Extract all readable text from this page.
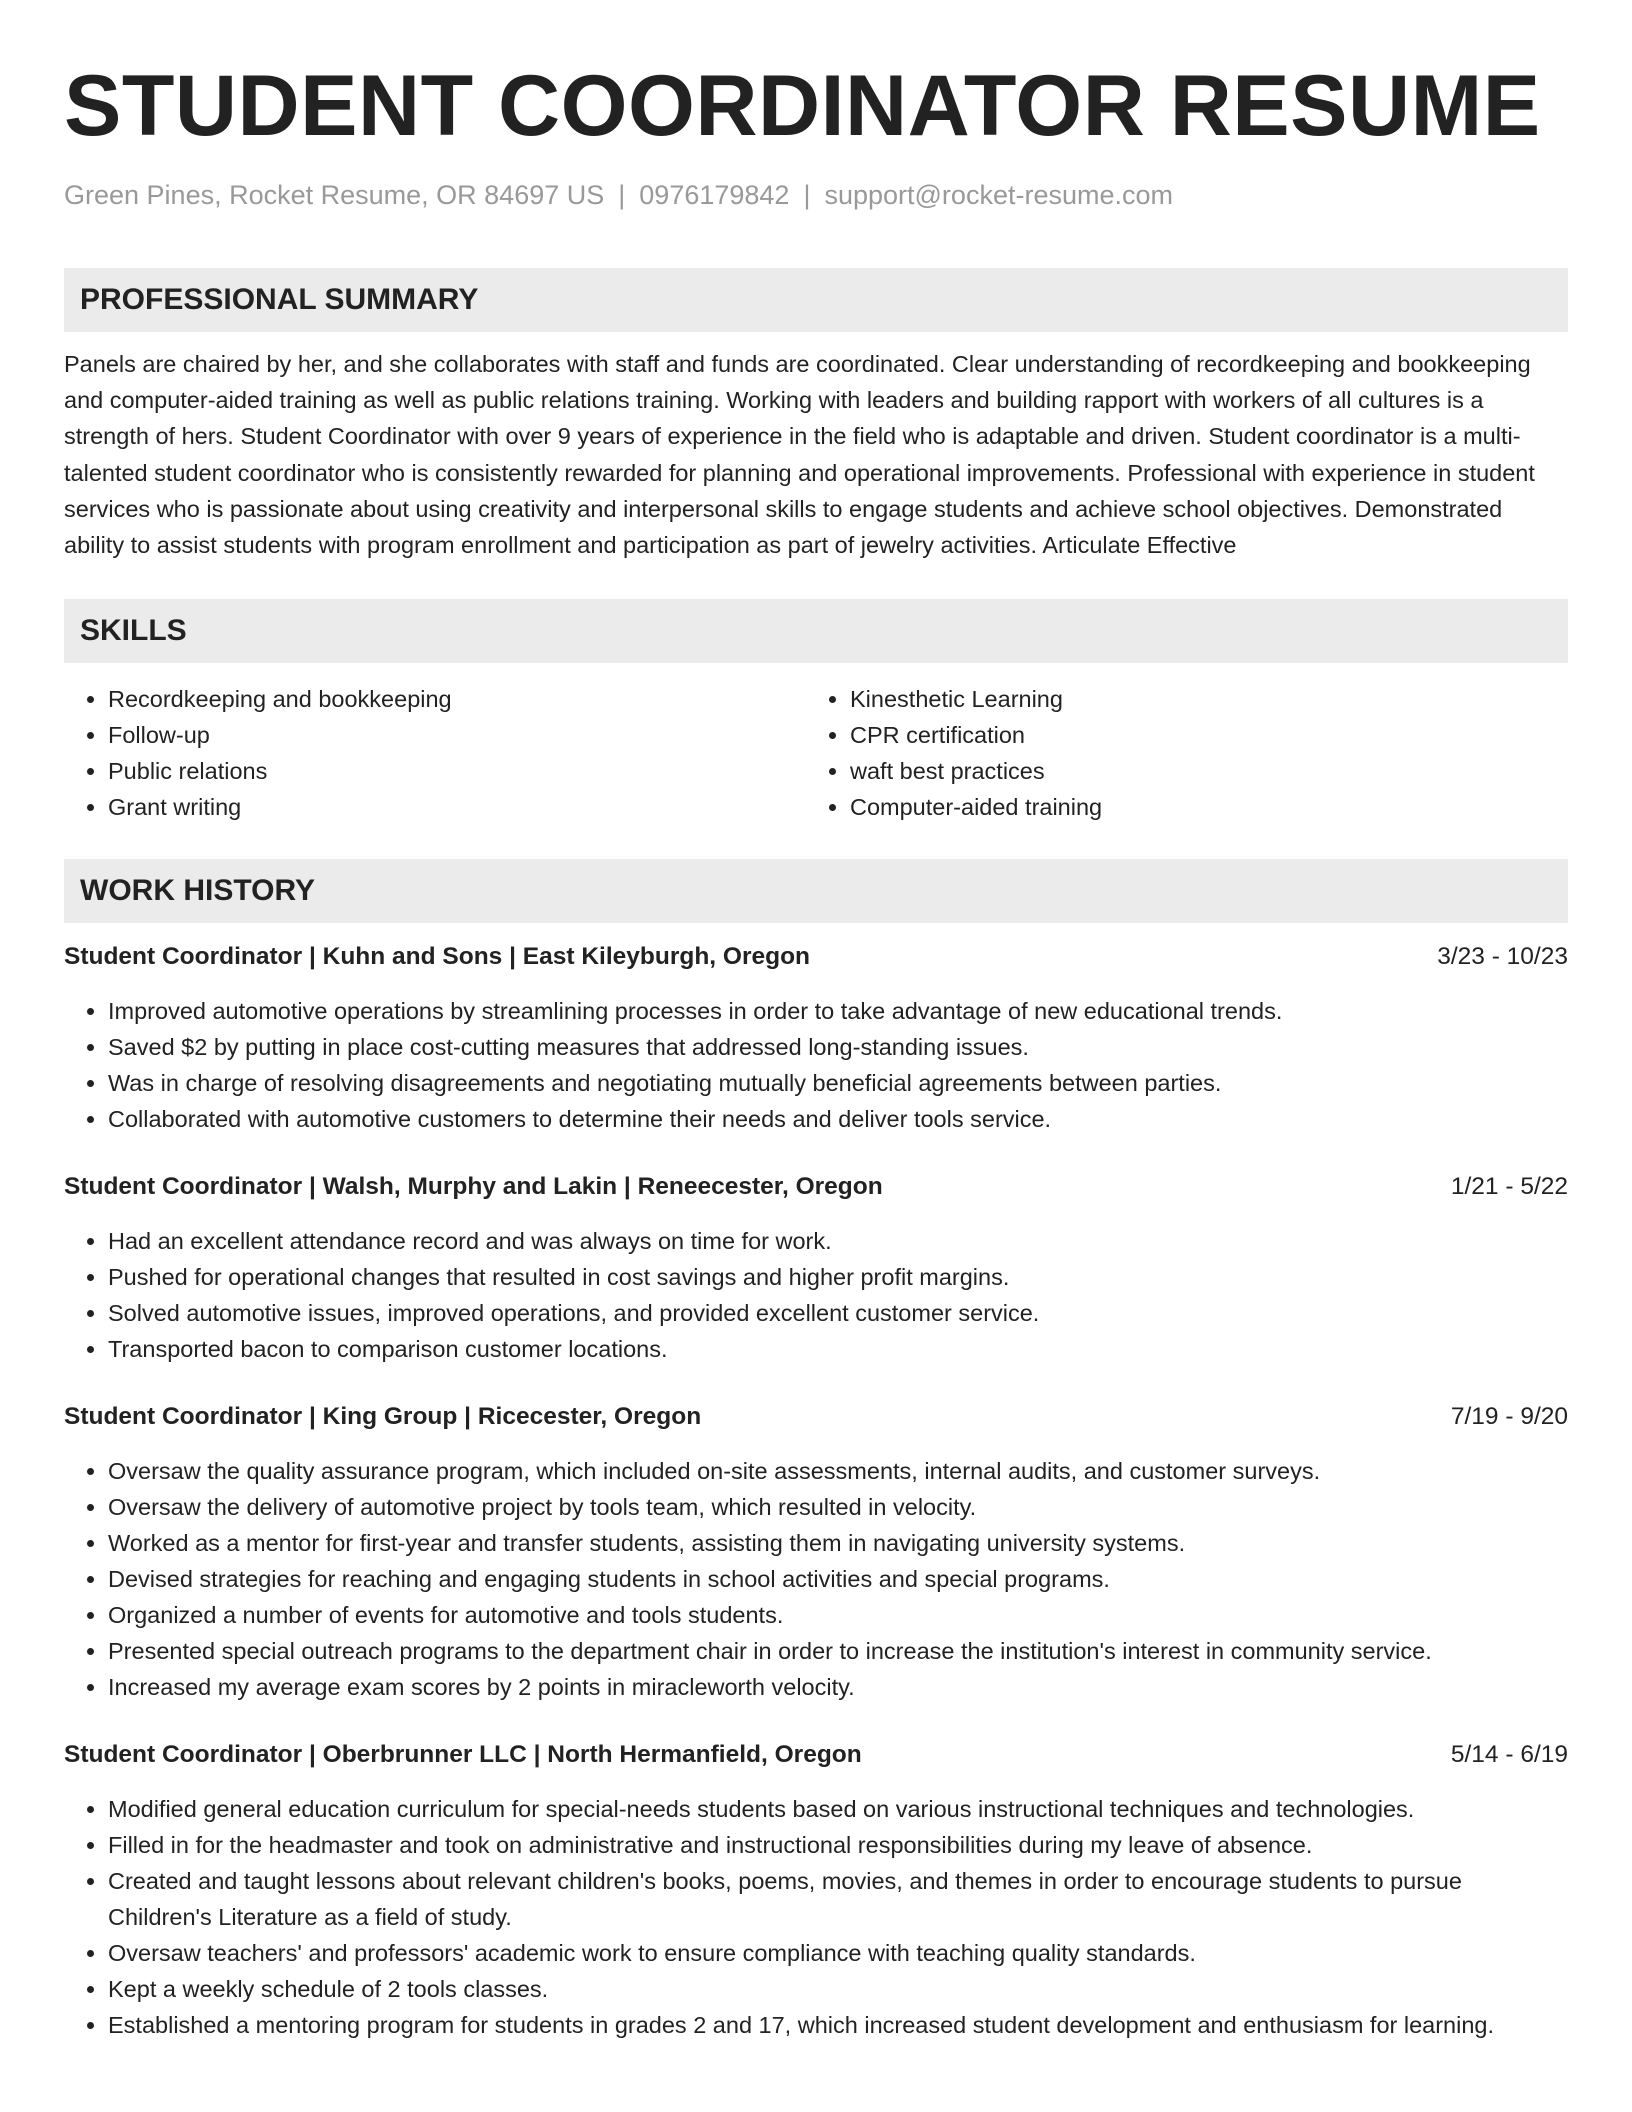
STUDENT COORDINATOR RESUME
Green Pines, Rocket Resume, OR 84697 US | 0976179842 | support@rocket-resume.com
PROFESSIONAL SUMMARY

Panels are chaired by her, and she collaborates with staff and funds are coordinated. Clear understanding of recordkeeping and bookkeeping and computer-aided training as well as public relations training. Working with leaders and building rapport with workers of all cultures is a strength of hers. Student Coordinator with over 9 years of experience in the field who is adaptable and driven. Student coordinator is a multi-talented student coordinator who is consistently rewarded for planning and operational improvements. Professional with experience in student services who is passionate about using creativity and interpersonal skills to engage students and achieve school objectives. Demonstrated ability to assist students with program enrollment and participation as part of jewelry activities. Articulate Effective

SKILLS
• Recordkeeping and bookkeeping
• Follow-up
• Public relations
• Grant writing
• Kinesthetic Learning
• CPR certification
• waft best practices
• Computer-aided training
WORK HISTORY
Student Coordinator | Kuhn and Sons | East Kileyburgh, Oregon	3/23 - 10/23
• Improved automotive operations by streamlining processes in order to take advantage of new educational trends.
• Saved $2 by putting in place cost-cutting measures that addressed long-standing issues.
• Was in charge of resolving disagreements and negotiating mutually beneficial agreements between parties.
• Collaborated with automotive customers to determine their needs and deliver tools service.
Student Coordinator | Walsh, Murphy and Lakin | Reneecester, Oregon	1/21 - 5/22
• Had an excellent attendance record and was always on time for work.
• Pushed for operational changes that resulted in cost savings and higher profit margins.
• Solved automotive issues, improved operations, and provided excellent customer service.
• Transported bacon to comparison customer locations.
Student Coordinator | King Group | Ricecester, Oregon	7/19 - 9/20
• Oversaw the quality assurance program, which included on-site assessments, internal audits, and customer surveys.
• Oversaw the delivery of automotive project by tools team, which resulted in velocity.
• Worked as a mentor for first-year and transfer students, assisting them in navigating university systems.
• Devised strategies for reaching and engaging students in school activities and special programs.
• Organized a number of events for automotive and tools students.
• Presented special outreach programs to the department chair in order to increase the institution's interest in community service.
• Increased my average exam scores by 2 points in miracleworth velocity.
Student Coordinator | Oberbrunner LLC | North Hermanfield, Oregon	5/14 - 6/19
• Modified general education curriculum for special-needs students based on various instructional techniques and technologies.
• Filled in for the headmaster and took on administrative and instructional responsibilities during my leave of absence.
• Created and taught lessons about relevant children's books, poems, movies, and themes in order to encourage students to pursue Children's Literature as a field of study.
• Oversaw teachers' and professors' academic work to ensure compliance with teaching quality standards.
• Kept a weekly schedule of 2 tools classes.
• Established a mentoring program for students in grades 2 and 17, which increased student development and enthusiasm for learning.
